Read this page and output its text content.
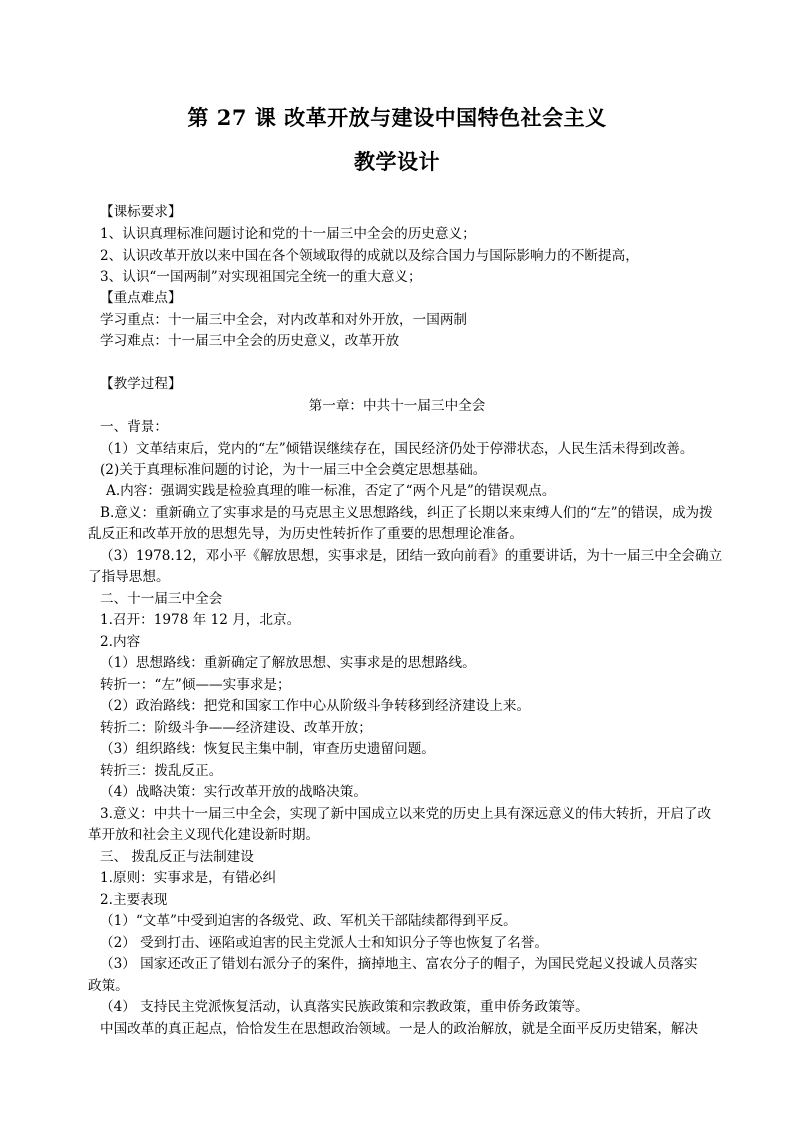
第 27 课 改革开放与建设中国特色社会主义
教学设计
【课标要求】
1、认识真理标准问题讨论和党的十一届三中全会的历史意义；
2、认识改革开放以来中国在各个领域取得的成就以及综合国力与国际影响力的不断提高，
3、认识“一国两制”对实现祖国完全统一的重大意义；
【重点难点】
学习重点：十一届三中全会，对内改革和对外开放，一国两制
学习难点：十一届三中全会的历史意义，改革开放
【教学过程】
第一章：中共十一届三中全会
一、背景：
（1）文革结束后，党内的“左”倾错误继续存在，国民经济仍处于停滞状态，人民生活未得到改善。
(2)关于真理标准问题的讨论，为十一届三中全会奠定思想基础。
A.内容：强调实践是检验真理的唯一标准，否定了“两个凡是”的错误观点。
B.意义：重新确立了实事求是的马克思主义思想路线，纠正了长期以来束缚人们的“左”的错误，成为拨
乱反正和改革开放的思想先导，为历史性转折作了重要的思想理论准备。
（3）1978.12，邓小平《解放思想，实事求是，团结一致向前看》的重要讲话，为十一届三中全会确立
了指导思想。
二、十一届三中全会
1.召开：1978 年 12 月，北京。
2.内容
（1）思想路线：重新确定了解放思想、实事求是的思想路线。
转折一：“左”倾——实事求是；
（2）政治路线：把党和国家工作中心从阶级斗争转移到经济建设上来。
转折二：阶级斗争——经济建设、改革开放；
（3）组织路线：恢复民主集中制，审查历史遗留问题。
转折三：拨乱反正。
（4）战略决策：实行改革开放的战略决策。
3.意义：中共十一届三中全会，实现了新中国成立以来党的历史上具有深远意义的伟大转折，开启了改
革开放和社会主义现代化建设新时期。
三、 拨乱反正与法制建设
1.原则：实事求是，有错必纠
2.主要表现
（1）“文革”中受到迫害的各级党、政、军机关干部陆续都得到平反。
（2） 受到打击、诬陷或迫害的民主党派人士和知识分子等也恢复了名誉。
（3） 国家还改正了错划右派分子的案件，摘掉地主、富农分子的帽子，为国民党起义投诚人员落实
政策。
（4） 支持民主党派恢复活动，认真落实民族政策和宗教政策，重申侨务政策等。
中国改革的真正起点，恰恰发生在思想政治领域。一是人的政治解放，就是全面平反历史错案，解决
